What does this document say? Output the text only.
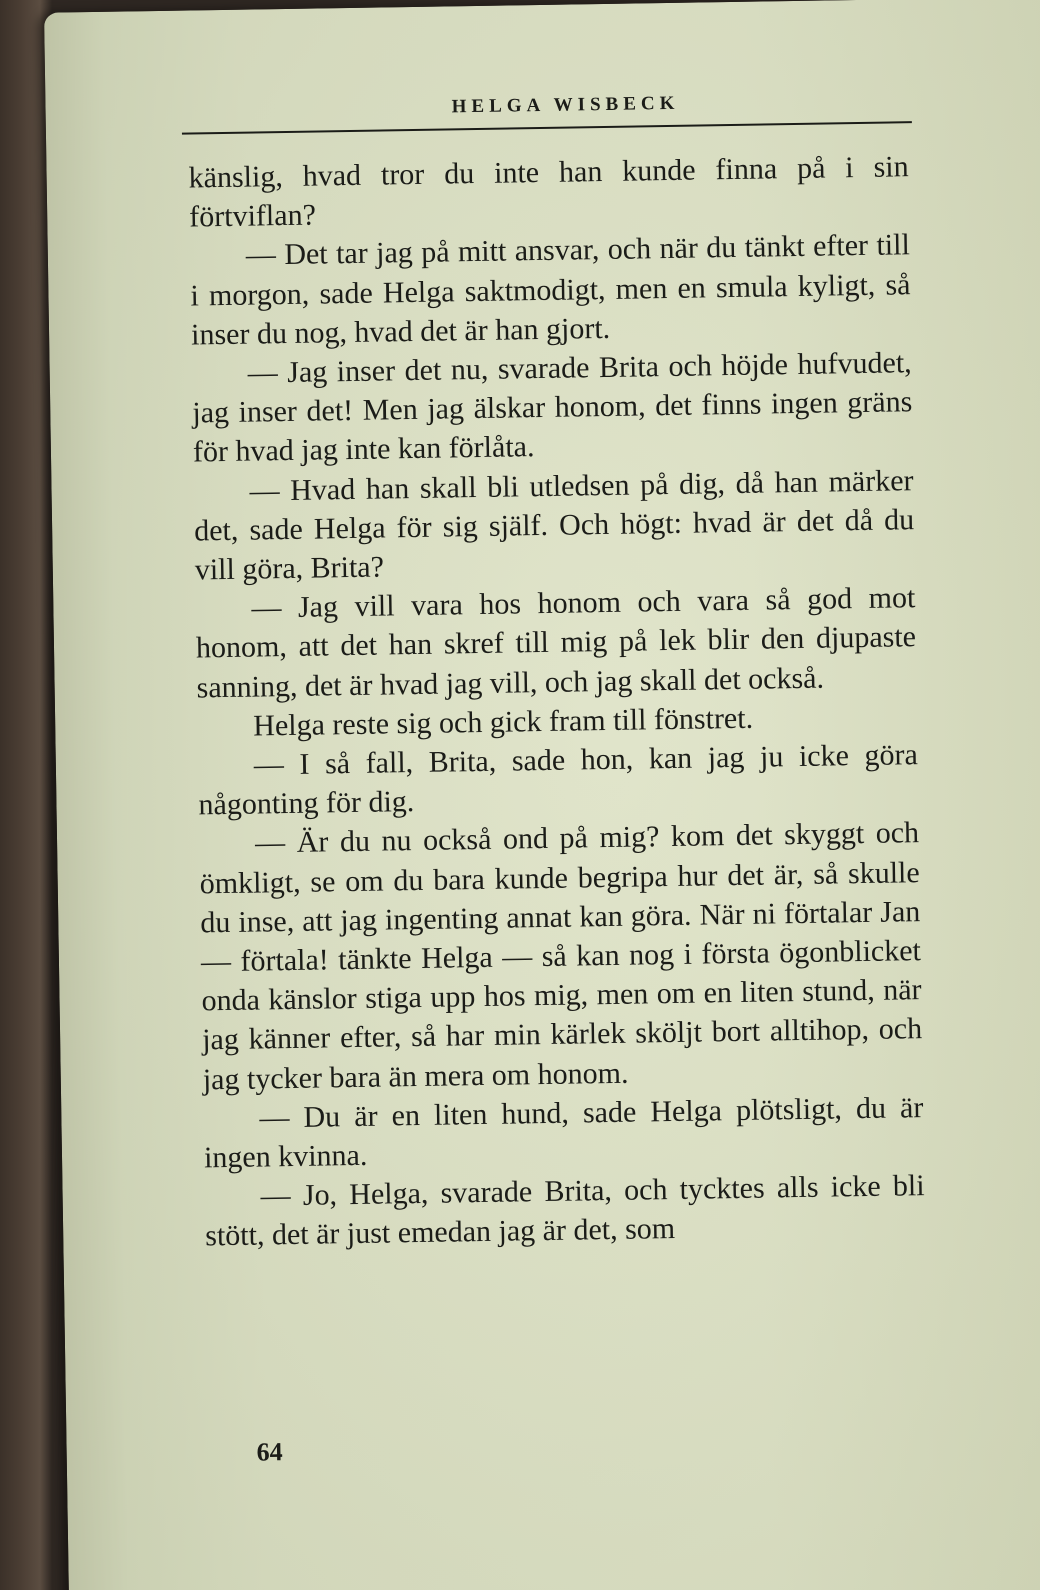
HELGA WISBECK

känslig, hvad tror du inte han kunde finna på i sin förtviflan?

— Det tar jag på mitt ansvar, och när du tänkt efter till i morgon, sade Helga saktmodigt, men en smula kyligt, så inser du nog, hvad det är han gjort.

— Jag inser det nu, svarade Brita och höjde hufvudet, jag inser det! Men jag älskar honom, det finns ingen gräns för hvad jag inte kan förlåta.

— Hvad han skall bli utledsen på dig, då han märker det, sade Helga för sig själf. Och högt: hvad är det då du vill göra, Brita?

— Jag vill vara hos honom och vara så god mot honom, att det han skref till mig på lek blir den djupaste sanning, det är hvad jag vill, och jag skall det också.

Helga reste sig och gick fram till fönstret.

— I så fall, Brita, sade hon, kan jag ju icke göra någonting för dig.

— Är du nu också ond på mig? kom det skyggt och ömkligt, se om du bara kunde begripa hur det är, så skulle du inse, att jag ingenting annat kan göra. När ni förtalar Jan — förtala! tänkte Helga — så kan nog i första ögonblicket onda känslor stiga upp hos mig, men om en liten stund, när jag känner efter, så har min kärlek sköljt bort alltihop, och jag tycker bara än mera om honom.

— Du är en liten hund, sade Helga plötsligt, du är ingen kvinna.

— Jo, Helga, svarade Brita, och tycktes alls icke bli stött, det är just emedan jag är det, som

64
